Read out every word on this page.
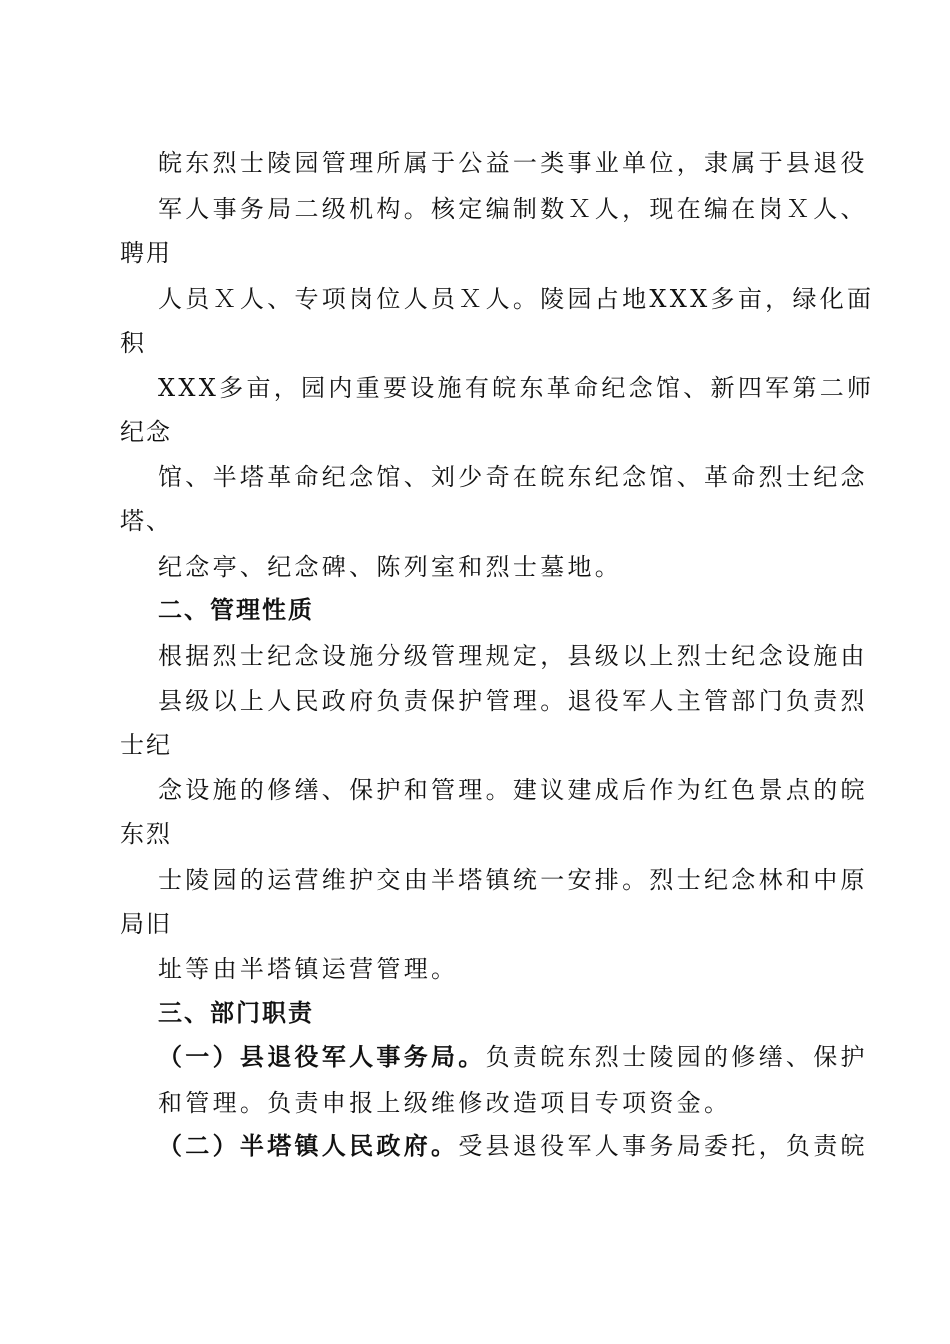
皖东烈士陵园管理所属于公益一类事业单位，隶属于县退役
军人事务局二级机构。核定编制数Ｘ人，现在编在岗Ｘ人、
聘用
人员Ｘ人、专项岗位人员Ｘ人。陵园占地XXX多亩，绿化面
积
XXX多亩，园内重要设施有皖东革命纪念馆、新四军第二师
纪念
馆、半塔革命纪念馆、刘少奇在皖东纪念馆、革命烈士纪念
塔、
纪念亭、纪念碑、陈列室和烈士墓地。
二、管理性质
根据烈士纪念设施分级管理规定，县级以上烈士纪念设施由
县级以上人民政府负责保护管理。退役军人主管部门负责烈
士纪
念设施的修缮、保护和管理。建议建成后作为红色景点的皖
东烈
士陵园的运营维护交由半塔镇统一安排。烈士纪念林和中原
局旧
址等由半塔镇运营管理。
三、部门职责
（一）县退役军人事务局。负责皖东烈士陵园的修缮、保护
和管理。负责申报上级维修改造项目专项资金。
（二）半塔镇人民政府。受县退役军人事务局委托，负责皖
